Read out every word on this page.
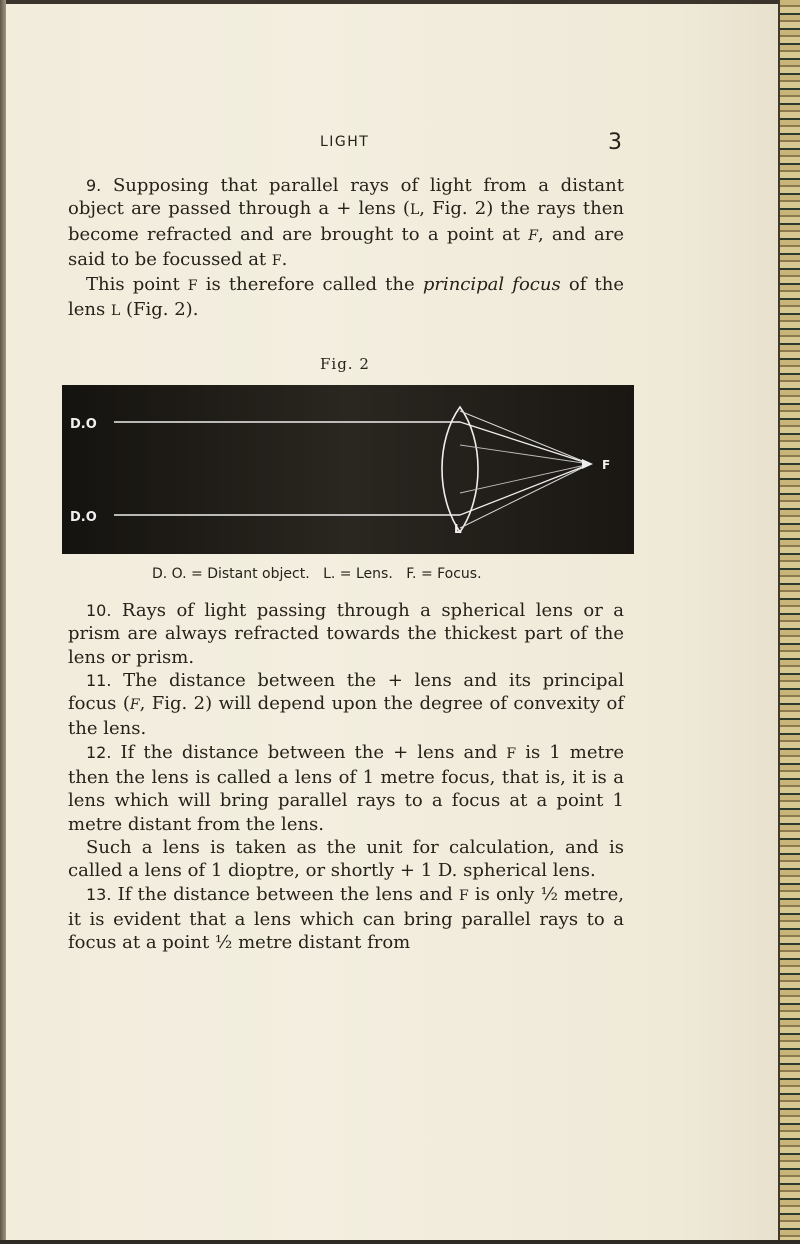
LIGHT	3

9. Supposing that parallel rays of light from a distant object are passed through a + lens (L, Fig. 2) the rays then become refracted and are brought to a point at F, and are said to be focussed at F.

This point F is therefore called the principal focus of the lens L (Fig. 2).

Fig. 2
D.O
D.O
F
L
D. O. = Distant object. L. = Lens. F. = Focus.

10. Rays of light passing through a spherical lens or a prism are always refracted towards the thickest part of the lens or prism.

11. The distance between the + lens and its principal focus (F, Fig. 2) will depend upon the degree of convexity of the lens.

12. If the distance between the + lens and F is 1 metre then the lens is called a lens of 1 metre focus, that is, it is a lens which will bring parallel rays to a focus at a point 1 metre distant from the lens.

Such a lens is taken as the unit for calculation, and is called a lens of 1 dioptre, or shortly + 1 D. spherical lens.

13. If the distance between the lens and F is only ½ metre, it is evident that a lens which can bring parallel rays to a focus at a point ½ metre distant from
